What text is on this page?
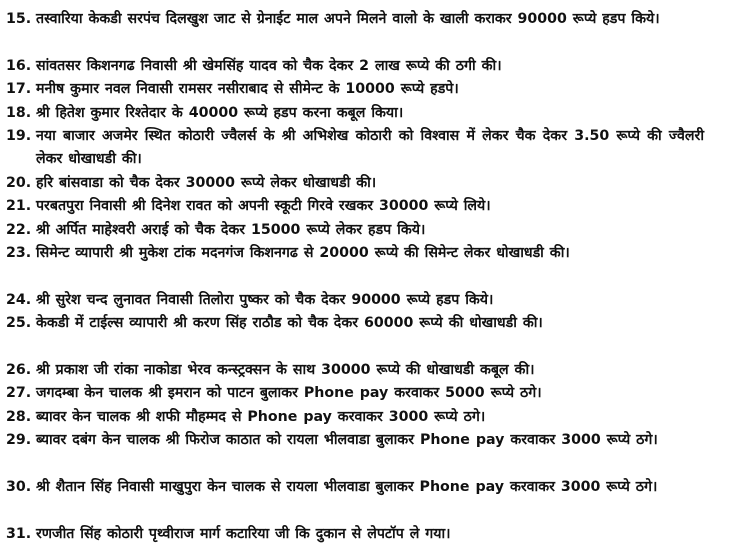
15. तस्वारिया केकडी सरपंच दिलखुश जाट से ग्रेनाईट माल अपने मिलने वालो के खाली कराकर 90000 रूप्ये हडप किये।
16. सांवतसर किशनगढ निवासी श्री खेमसिंह यादव को चैक देकर 2 लाख रूप्ये की ठगी की।
17. मनीष कुमार नवल निवासी रामसर नसीराबाद से सीमेन्ट के 10000 रूप्ये हडपे।
18. श्री हितेश कुमार रिश्तेदार के 40000 रूप्ये हडप करना कबूल किया।
19. नया बाजार अजमेर स्थित कोठारी ज्वैलर्स के श्री अभिशेख कोठारी को विश्वास में लेकर चैक देकर 3.50 रूप्ये की ज्वैलरी लेकर धोखाधडी की।
20. हरि बांसवाडा को चैक देकर 30000 रूप्ये लेकर धोखाधडी की।
21. परबतपुरा निवासी श्री दिनेश रावत को अपनी स्कूटी गिरवे रखकर 30000 रूप्ये लिये।
22. श्री अर्पित माहेश्वरी अराई को चैक देकर 15000 रूप्ये लेकर हडप किये।
23. सिमेन्ट व्यापारी श्री मुकेश टांक मदनगंज किशनगढ से 20000 रूप्ये की सिमेन्ट लेकर धोखाधडी की।
24. श्री सुरेश चन्द लुनावत निवासी तिलोरा पुष्कर को चैक देकर 90000 रूप्ये हडप किये।
25. केकडी में टाईल्स व्यापारी श्री करण सिंह राठौड को चैक देकर 60000 रूप्ये की धोखाधडी की।
26. श्री प्रकाश जी रांका नाकोडा भेरव कन्स्ट्रक्सन के साथ 30000 रूप्ये की धोखाधडी कबूल की।
27. जगदम्बा केन चालक श्री इमरान को पाटन बुलाकर Phone pay करवाकर 5000 रूप्ये ठगे।
28. ब्यावर केन चालक श्री शफी मौहम्मद से Phone pay करवाकर 3000 रूप्ये ठगे।
29. ब्यावर दबंग केन चालक श्री फिरोज काठात को रायला भीलवाडा बुलाकर Phone pay करवाकर 3000 रूप्ये ठगे।
30. श्री शैतान सिंह निवासी माखुपुरा केन चालक से रायला भीलवाडा बुलाकर Phone pay करवाकर 3000 रूप्ये ठगे।
31. रणजीत सिंह कोठारी पृथ्वीराज मार्ग कटारिया जी कि दुकान से लेपटॉप ले गया।
